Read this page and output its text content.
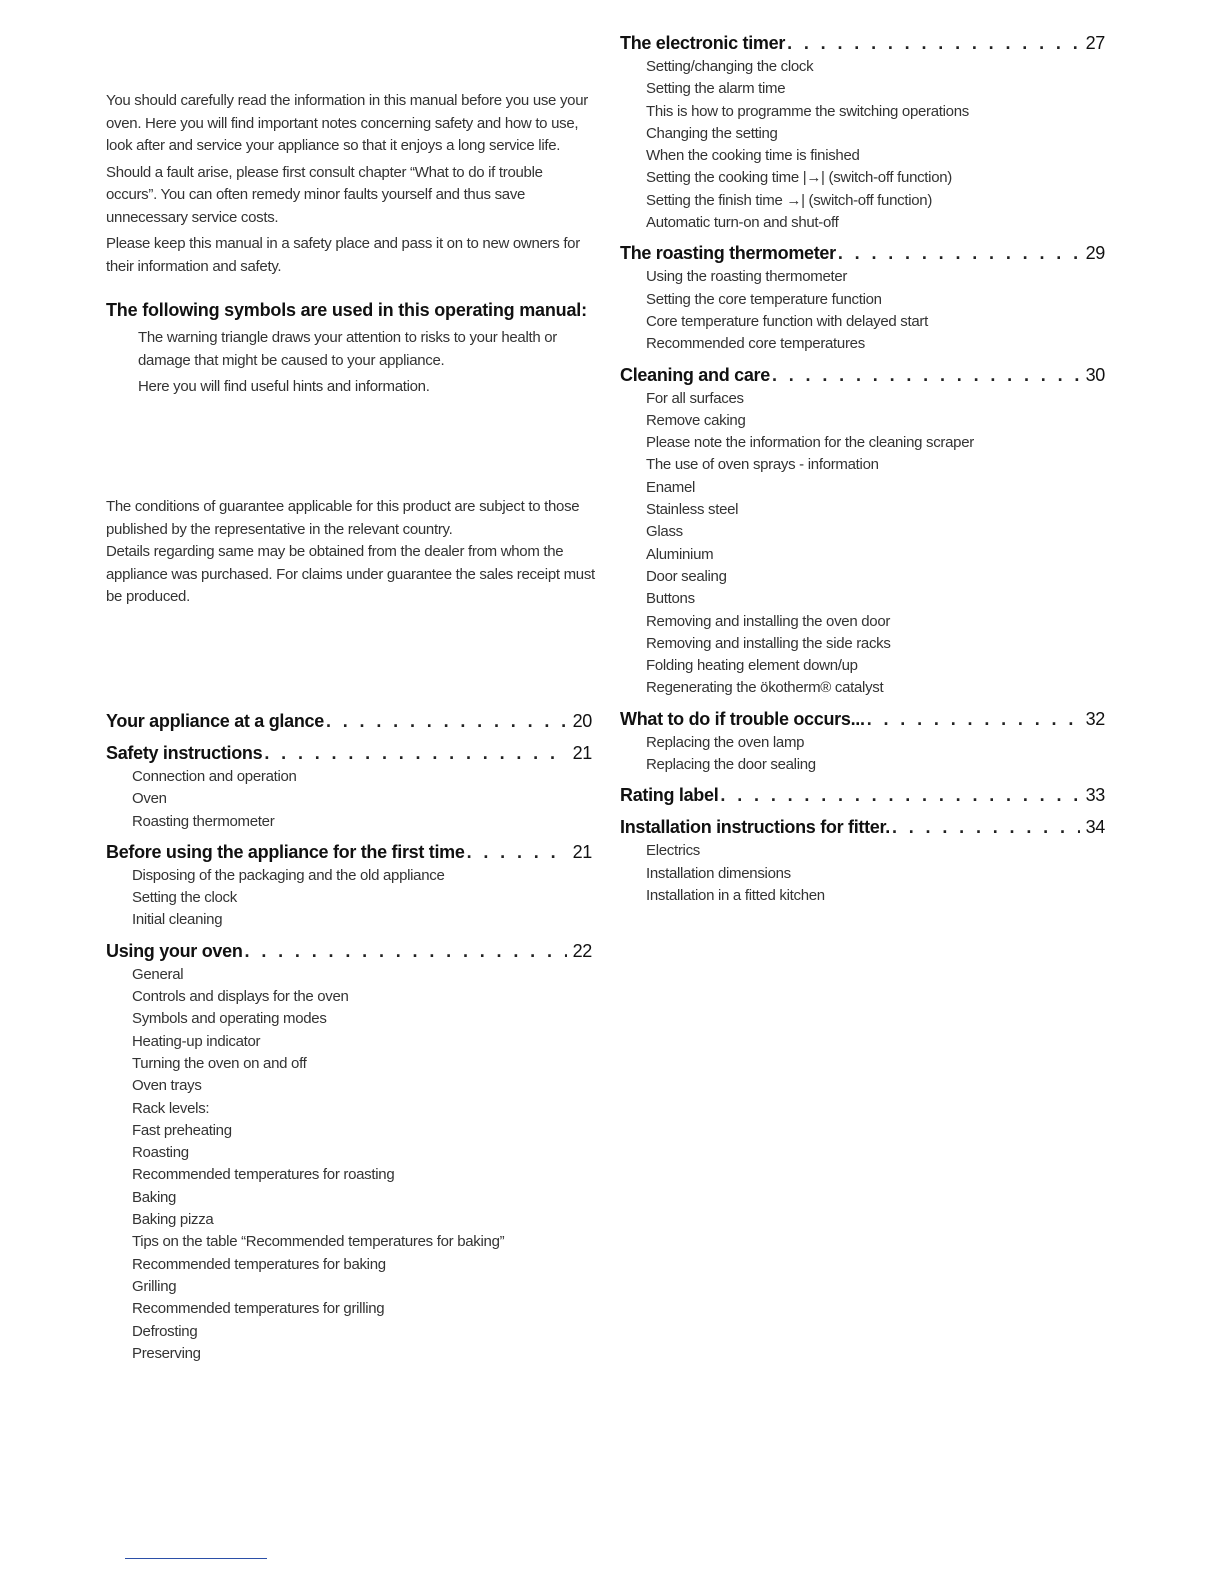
You should carefully read the information in this manual before you use your oven. Here you will find important notes concerning safety and how to use, look after and service your appliance so that it enjoys a long service life.

Should a fault arise, please first consult chapter “What to do if trouble occurs”. You can often remedy minor faults yourself and thus save unnecessary service costs.

Please keep this manual in a safety place and pass it on to new owners for their information and safety.

The following symbols are used in this operating manual:

The warning triangle draws your attention to risks to your health or damage that might be caused to your appliance.

Here you will find useful hints and information.

The conditions of guarantee applicable for this product are subject to those published by the representative in the relevant country.

Details regarding same may be obtained from the dealer from whom the appliance was purchased. For claims under guarantee the sales receipt must be produced.

Your appliance at a glance . . .	20
Safety instructions . . .	21
Connection and operation
Oven
Roasting thermometer
Before using the appliance for the first time . . .	21
Disposing of the packaging and the old appliance
Setting the clock
Initial cleaning
Using your oven . . .	22
General
Controls and displays for the oven
Symbols and operating modes
Heating-up indicator
Turning the oven on and off
Oven trays
Rack levels:
Fast preheating
Roasting
Recommended temperatures for roasting
Baking
Baking pizza
Tips on the table “Recommended temperatures for baking”
Recommended temperatures for baking
Grilling
Recommended temperatures for grilling
Defrosting
Preserving
The electronic timer . . .	27
Setting/changing the clock
Setting the alarm time
This is how to programme the switching operations
Changing the setting
When the cooking time is finished
Setting the cooking time |→| (switch-off function)
Setting the finish time →| (switch-off function)
Automatic turn-on and shut-off
The roasting thermometer . . .	29
Using the roasting thermometer
Setting the core temperature function
Core temperature function with delayed start
Recommended core temperatures
Cleaning and care . . .	30
For all surfaces
Remove caking
Please note the information for the cleaning scraper
The use of oven sprays - information
Enamel
Stainless steel
Glass
Aluminium
Door sealing
Buttons
Removing and installing the oven door
Removing and installing the side racks
Folding heating element down/up
Regenerating the ökotherm® catalyst
What to do if trouble occurs... . . .	32
Replacing the oven lamp
Replacing the door sealing
Rating label . . .	33
Installation instructions for fitter. . . .	34
Electrics
Installation dimensions
Installation in a fitted kitchen
